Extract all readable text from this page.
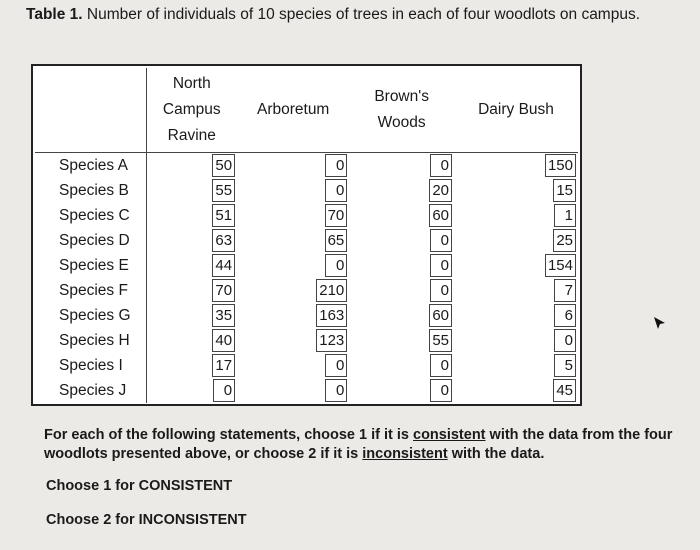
Table 1. Number of individuals of 10 species of trees in each of four woodlots on campus.
	North
Campus
Ravine	Arboretum	Brown's
Woods	Dairy Bush
Species A	50	0	0	150
Species B	55	0	20	15
Species C	51	70	60	1
Species D	63	65	0	25
Species E	44	0	0	154
Species F	70	210	0	7
Species G	35	163	60	6
Species H	40	123	55	0
Species I	17	0	0	5
Species J	0	0	0	45
For each of the following statements, choose 1 if it is consistent with the data from the four woodlots presented above, or choose 2 if it is inconsistent with the data.
Choose 1 for CONSISTENT
Choose 2 for INCONSISTENT
